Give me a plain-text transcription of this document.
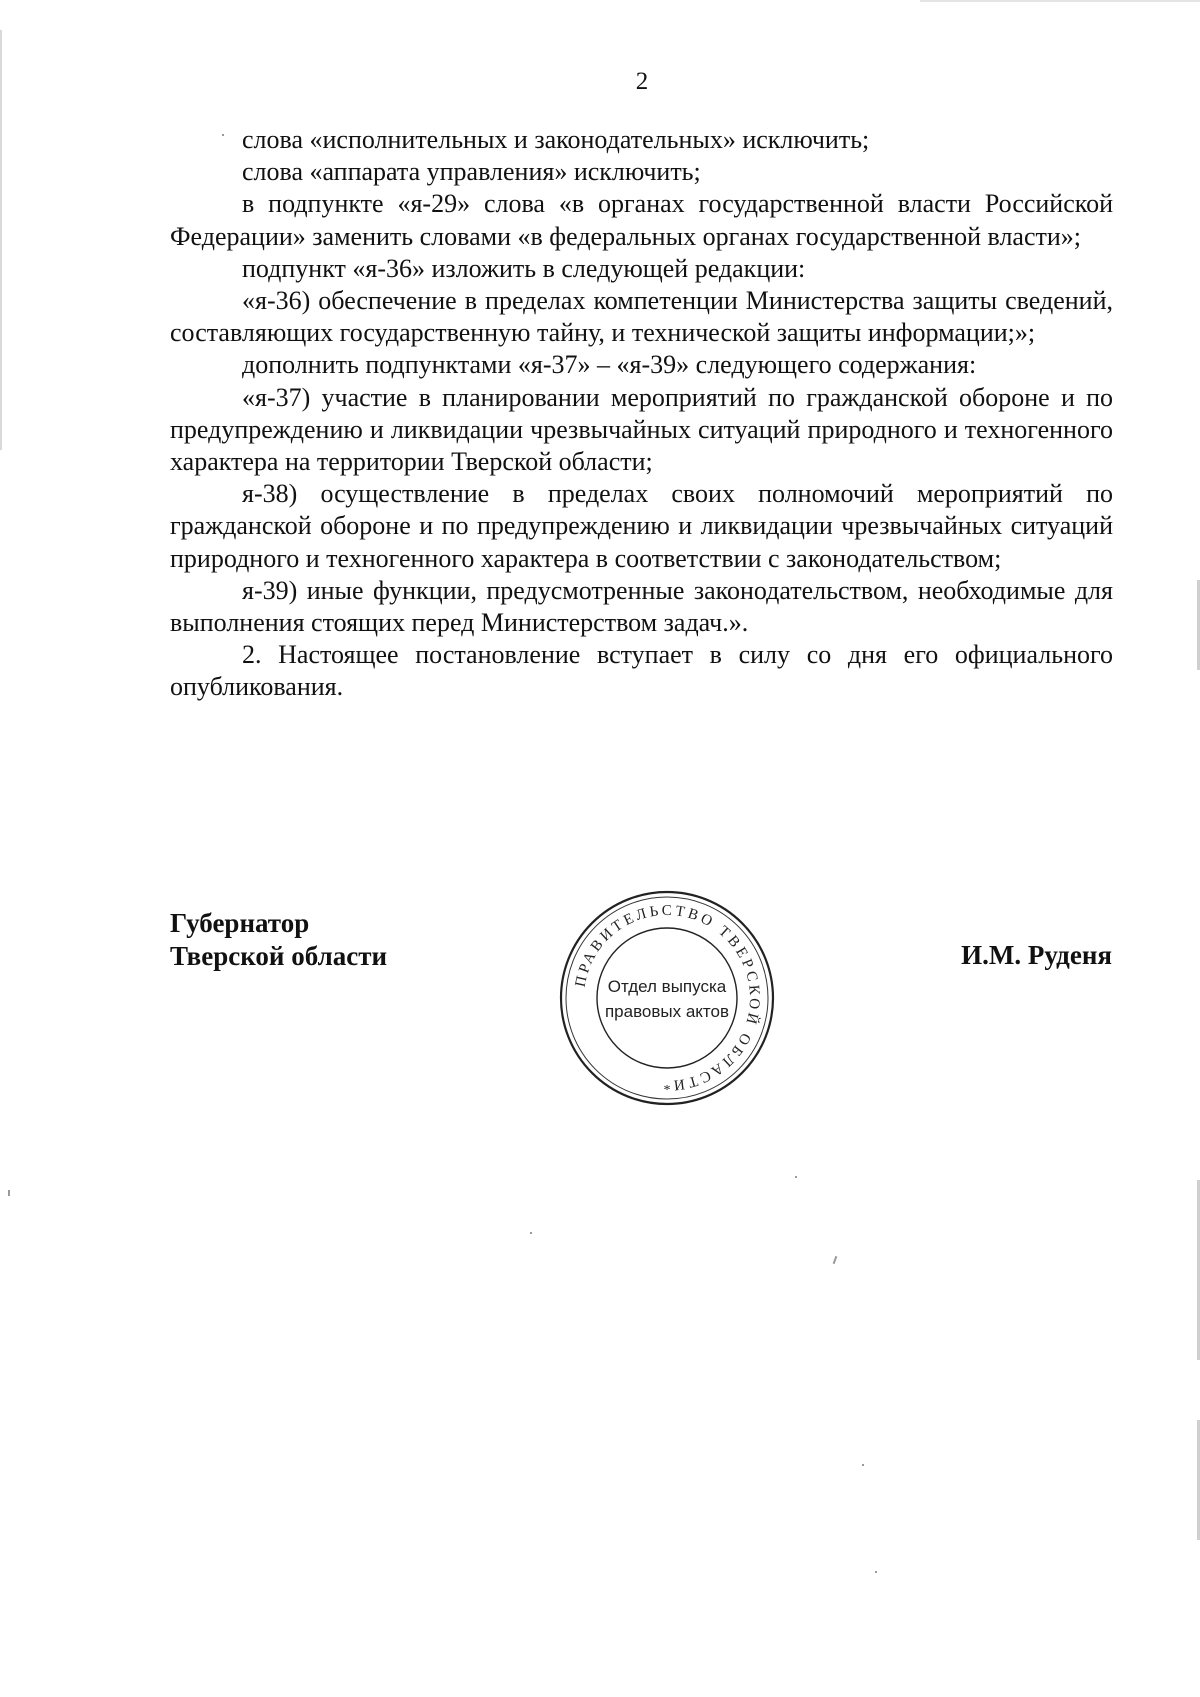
2

слова «исполнительных и законодательных» исключить;

слова «аппарата управления» исключить;

в подпункте «я-29» слова «в органах государственной власти Российской Федерации» заменить словами «в федеральных органах государственной власти»;

подпункт «я-36» изложить в следующей редакции:

«я-36) обеспечение в пределах компетенции Министерства защиты сведений, составляющих государственную тайну, и технической защиты информации;»;

дополнить подпунктами «я-37» – «я-39» следующего содержания:

«я-37) участие в планировании мероприятий по гражданской обороне и по предупреждению и ликвидации чрезвычайных ситуаций природного и техногенного характера на территории Тверской области;

я-38) осуществление в пределах своих полномочий мероприятий по гражданской обороне и по предупреждению и ликвидации чрезвычайных ситуаций природного и техногенного характера в соответствии с законодательством;

я-39) иные функции, предусмотренные законодательством, необходимые для выполнения стоящих перед Министерством задач.».

2. Настоящее постановление вступает в силу со дня его официального опубликования.

Губернатор
Тверской области
ПРАВИТЕЛЬСТВО ТВЕРСКОЙ ОБЛАСТИ
Отдел выпуска
правовых актов
*
И.М. Руденя
